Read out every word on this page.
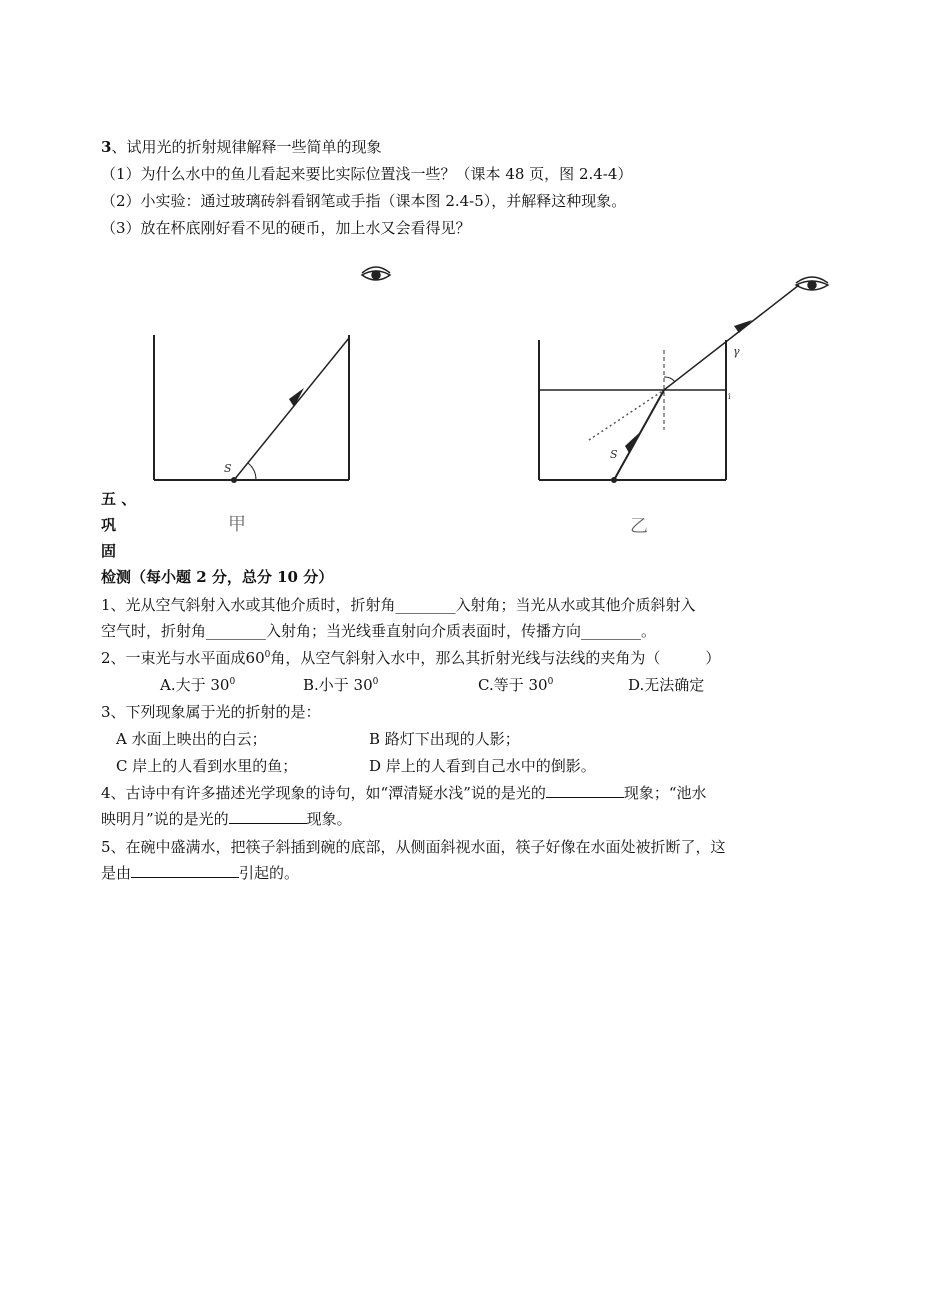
3、试用光的折射规律解释一些简单的现象
（1）为什么水中的鱼儿看起来要比实际位置浅一些？（课本 48 页，图 2.4-4）
（2）小实验：通过玻璃砖斜看钢笔或手指（课本图 2.4-5），并解释这种现象。
（3）放在杯底刚好看不见的硬币，加上水又会看得见？
S
S
γ
i
甲	乙
五 、
巩
固
检测（每小题 2 分，总分 10 分）
1、光从空气斜射入水或其他介质时，折射角________入射角；当光从水或其他介质斜射入
空气时，折射角________入射角；当光线垂直射向介质表面时，传播方向________。
2、一束光与水平面成$60^0$角，从空气斜射入水中，那么其折射光线与法线的夹角为（　　　）
A.大于 $30^0$	B.小于 $30^0$	C.等于 $30^0$	D.无法确定
3、下列现象属于光的折射的是：
A 水面上映出的白云；	B 路灯下出现的人影；
C 岸上的人看到水里的鱼；	D 岸上的人看到自己水中的倒影。
4、古诗中有许多描述光学现象的诗句，如“潭清疑水浅”说的是光的	现象；“池水
映明月”说的是光的	现象。
5、在碗中盛满水，把筷子斜插到碗的底部，从侧面斜视水面，筷子好像在水面处被折断了，这
是由	引起的。
